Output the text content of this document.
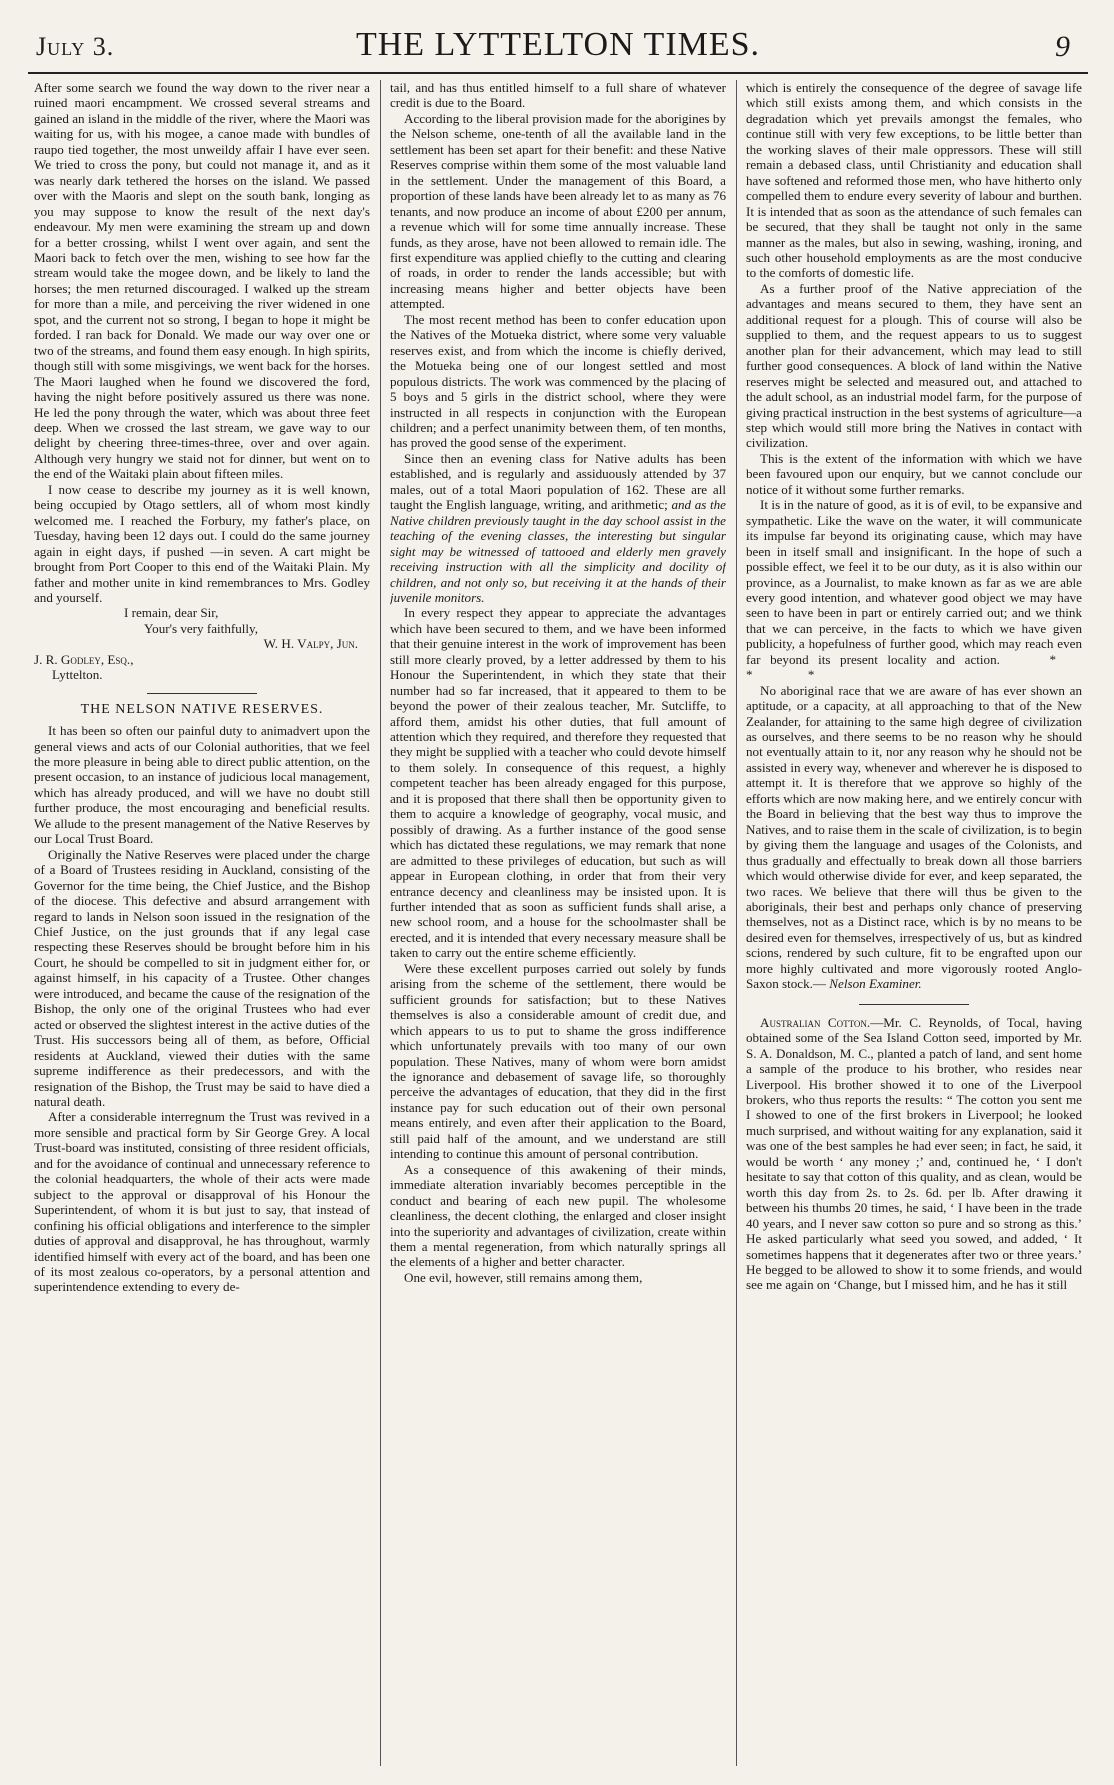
July 3.	THE LYTTELTON TIMES.	9

After some search we found the way down to the river near a ruined maori encampment. We crossed several streams and gained an island in the middle of the river, where the Maori was waiting for us, with his mogee, a canoe made with bundles of raupo tied together, the most unweildy affair I have ever seen. We tried to cross the pony, but could not manage it, and as it was nearly dark tethered the horses on the island. We passed over with the Maoris and slept on the south bank, longing as you may suppose to know the result of the next day's endeavour. My men were examining the stream up and down for a better crossing, whilst I went over again, and sent the Maori back to fetch over the men, wishing to see how far the stream would take the mogee down, and be likely to land the horses; the men returned discouraged. I walked up the stream for more than a mile, and perceiving the river widened in one spot, and the current not so strong, I began to hope it might be forded. I ran back for Donald. We made our way over one or two of the streams, and found them easy enough. In high spirits, though still with some misgivings, we went back for the horses. The Maori laughed when he found we discovered the ford, having the night before positively assured us there was none. He led the pony through the water, which was about three feet deep. When we crossed the last stream, we gave way to our delight by cheering three-times-three, over and over again. Although very hungry we staid not for dinner, but went on to the end of the Waitaki plain about fifteen miles.

I now cease to describe my journey as it is well known, being occupied by Otago settlers, all of whom most kindly welcomed me. I reached the Forbury, my father's place, on Tuesday, having been 12 days out. I could do the same journey again in eight days, if pushed —in seven. A cart might be brought from Port Cooper to this end of the Waitaki Plain. My father and mother unite in kind remembrances to Mrs. Godley and yourself.

I remain, dear Sir,
Your's very faithfully,
W. H. Valpy, Jun.
J. R. Godley, Esq.,
Lyttelton.
THE NELSON NATIVE RESERVES.

It has been so often our painful duty to animadvert upon the general views and acts of our Colonial authorities, that we feel the more pleasure in being able to direct public attention, on the present occasion, to an instance of judicious local management, which has already produced, and will we have no doubt still further produce, the most encouraging and beneficial results. We allude to the present management of the Native Reserves by our Local Trust Board.

Originally the Native Reserves were placed under the charge of a Board of Trustees residing in Auckland, consisting of the Governor for the time being, the Chief Justice, and the Bishop of the diocese. This defective and absurd arrangement with regard to lands in Nelson soon issued in the resignation of the Chief Justice, on the just grounds that if any legal case respecting these Reserves should be brought before him in his Court, he should be compelled to sit in judgment either for, or against himself, in his capacity of a Trustee. Other changes were introduced, and became the cause of the resignation of the Bishop, the only one of the original Trustees who had ever acted or observed the slightest interest in the active duties of the Trust. His successors being all of them, as before, Official residents at Auckland, viewed their duties with the same supreme indifference as their predecessors, and with the resignation of the Bishop, the Trust may be said to have died a natural death.

After a considerable interregnum the Trust was revived in a more sensible and practical form by Sir George Grey. A local Trust-board was instituted, consisting of three resident officials, and for the avoidance of continual and unnecessary reference to the colonial headquarters, the whole of their acts were made subject to the approval or disapproval of his Honour the Superintendent, of whom it is but just to say, that instead of confining his official obligations and interference to the simpler duties of approval and disapproval, he has throughout, warmly identified himself with every act of the board, and has been one of its most zealous co-operators, by a personal attention and superintendence extending to every de-

tail, and has thus entitled himself to a full share of whatever credit is due to the Board.

According to the liberal provision made for the aborigines by the Nelson scheme, one-tenth of all the available land in the settlement has been set apart for their benefit: and these Native Reserves comprise within them some of the most valuable land in the settlement. Under the management of this Board, a proportion of these lands have been already let to as many as 76 tenants, and now produce an income of about £200 per annum, a revenue which will for some time annually increase. These funds, as they arose, have not been allowed to remain idle. The first expenditure was applied chiefly to the cutting and clearing of roads, in order to render the lands accessible; but with increasing means higher and better objects have been attempted.

The most recent method has been to confer education upon the Natives of the Motueka district, where some very valuable reserves exist, and from which the income is chiefly derived, the Motueka being one of our longest settled and most populous districts. The work was commenced by the placing of 5 boys and 5 girls in the district school, where they were instructed in all respects in conjunction with the European children; and a perfect unanimity between them, of ten months, has proved the good sense of the experiment.

Since then an evening class for Native adults has been established, and is regularly and assiduously attended by 37 males, out of a total Maori population of 162. These are all taught the English language, writing, and arithmetic; and as the Native children previously taught in the day school assist in the teaching of the evening classes, the interesting but singular sight may be witnessed of tattooed and elderly men gravely receiving instruction with all the simplicity and docility of children, and not only so, but receiving it at the hands of their juvenile monitors.

In every respect they appear to appreciate the advantages which have been secured to them, and we have been informed that their genuine interest in the work of improvement has been still more clearly proved, by a letter addressed by them to his Honour the Superintendent, in which they state that their number had so far increased, that it appeared to them to be beyond the power of their zealous teacher, Mr. Sutcliffe, to afford them, amidst his other duties, that full amount of attention which they required, and therefore they requested that they might be supplied with a teacher who could devote himself to them solely. In consequence of this request, a highly competent teacher has been already engaged for this purpose, and it is proposed that there shall then be opportunity given to them to acquire a knowledge of geography, vocal music, and possibly of drawing. As a further instance of the good sense which has dictated these regulations, we may remark that none are admitted to these privileges of education, but such as will appear in European clothing, in order that from their very entrance decency and cleanliness may be insisted upon. It is further intended that as soon as sufficient funds shall arise, a new school room, and a house for the schoolmaster shall be erected, and it is intended that every necessary measure shall be taken to carry out the entire scheme efficiently.

Were these excellent purposes carried out solely by funds arising from the scheme of the settlement, there would be sufficient grounds for satisfaction; but to these Natives themselves is also a considerable amount of credit due, and which appears to us to put to shame the gross indifference which unfortunately prevails with too many of our own population. These Natives, many of whom were born amidst the ignorance and debasement of savage life, so thoroughly perceive the advantages of education, that they did in the first instance pay for such education out of their own personal means entirely, and even after their application to the Board, still paid half of the amount, and we understand are still intending to continue this amount of personal contribution.

As a consequence of this awakening of their minds, immediate alteration invariably becomes perceptible in the conduct and bearing of each new pupil. The wholesome cleanliness, the decent clothing, the enlarged and closer insight into the superiority and advantages of civilization, create within them a mental regeneration, from which naturally springs all the elements of a higher and better character.

One evil, however, still remains among them,

which is entirely the consequence of the degree of savage life which still exists among them, and which consists in the degradation which yet prevails amongst the females, who continue still with very few exceptions, to be little better than the working slaves of their male oppressors. These will still remain a debased class, until Christianity and education shall have softened and reformed those men, who have hitherto only compelled them to endure every severity of labour and burthen. It is intended that as soon as the attendance of such females can be secured, that they shall be taught not only in the same manner as the males, but also in sewing, washing, ironing, and such other household employments as are the most conducive to the comforts of domestic life.

As a further proof of the Native appreciation of the advantages and means secured to them, they have sent an additional request for a plough. This of course will also be supplied to them, and the request appears to us to suggest another plan for their advancement, which may lead to still further good consequences. A block of land within the Native reserves might be selected and measured out, and attached to the adult school, as an industrial model farm, for the purpose of giving practical instruction in the best systems of agriculture—a step which would still more bring the Natives in contact with civilization.

This is the extent of the information with which we have been favoured upon our enquiry, but we cannot conclude our notice of it without some further remarks.

It is in the nature of good, as it is of evil, to be expansive and sympathetic. Like the wave on the water, it will communicate its impulse far beyond its originating cause, which may have been in itself small and insignificant. In the hope of such a possible effect, we feel it to be our duty, as it is also within our province, as a Journalist, to make known as far as we are able every good intention, and whatever good object we may have seen to have been in part or entirely carried out; and we think that we can perceive, in the facts to which we have given publicity, a hopefulness of further good, which may reach even far beyond its present locality and action.	* * *

No aboriginal race that we are aware of has ever shown an aptitude, or a capacity, at all approaching to that of the New Zealander, for attaining to the same high degree of civilization as ourselves, and there seems to be no reason why he should not eventually attain to it, nor any reason why he should not be assisted in every way, whenever and wherever he is disposed to attempt it. It is therefore that we approve so highly of the efforts which are now making here, and we entirely concur with the Board in believing that the best way thus to improve the Natives, and to raise them in the scale of civilization, is to begin by giving them the language and usages of the Colonists, and thus gradually and effectually to break down all those barriers which would otherwise divide for ever, and keep separated, the two races. We believe that there will thus be given to the aboriginals, their best and perhaps only chance of preserving themselves, not as a Distinct race, which is by no means to be desired even for themselves, irrespectively of us, but as kindred scions, rendered by such culture, fit to be engrafted upon our more highly cultivated and more vigorously rooted Anglo-Saxon stock.— Nelson Examiner.

Australian Cotton.—Mr. C. Reynolds, of Tocal, having obtained some of the Sea Island Cotton seed, imported by Mr. S. A. Donaldson, M. C., planted a patch of land, and sent home a sample of the produce to his brother, who resides near Liverpool. His brother showed it to one of the Liverpool brokers, who thus reports the results: “ The cotton you sent me I showed to one of the first brokers in Liverpool; he looked much surprised, and without waiting for any explanation, said it was one of the best samples he had ever seen; in fact, he said, it would be worth ‘ any money ;’ and, continued he, ‘ I don't hesitate to say that cotton of this quality, and as clean, would be worth this day from 2s. to 2s. 6d. per lb. After drawing it between his thumbs 20 times, he said, ‘ I have been in the trade 40 years, and I never saw cotton so pure and so strong as this.’ He asked particularly what seed you sowed, and added, ‘ It sometimes happens that it degenerates after two or three years.’ He begged to be allowed to show it to some friends, and would see me again on ‘Change, but I missed him, and he has it still
